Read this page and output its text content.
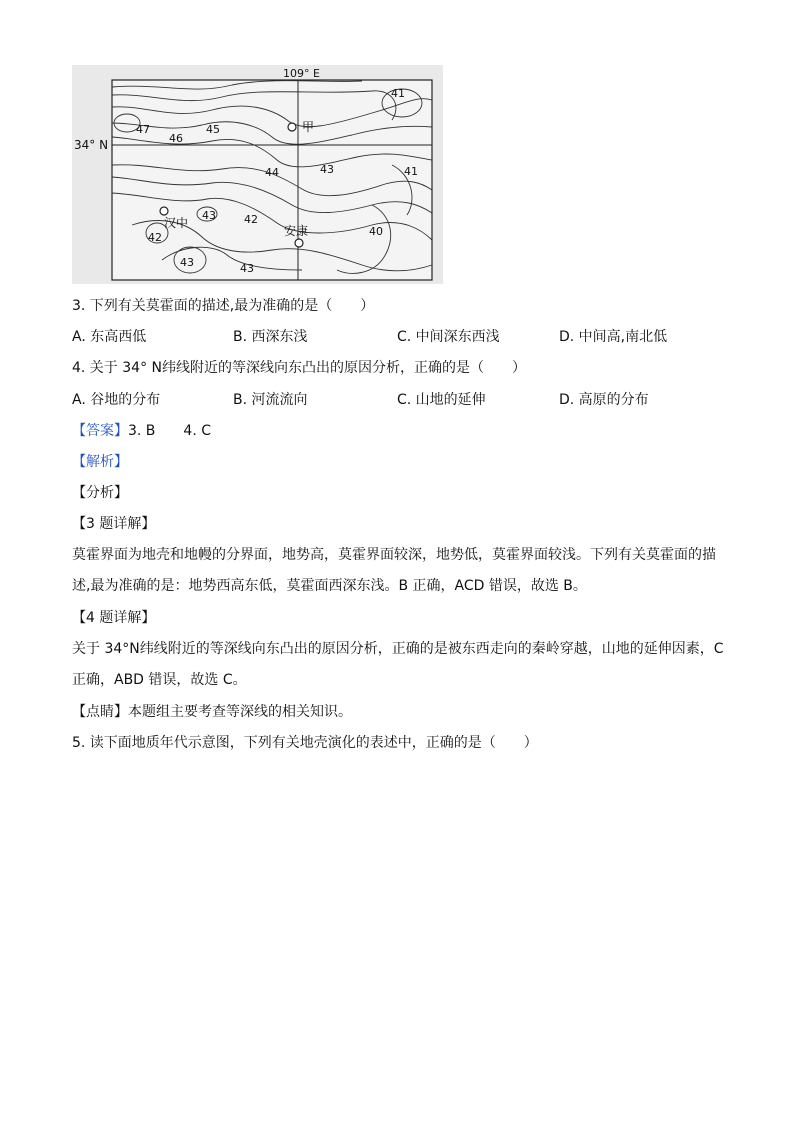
109° E
34° N
甲
汉中
安康
41
47
46
45
43
44	41
43	42
40
42
43	43
3. 下列有关莫霍面的描述,最为准确的是（　　）
A. 东高西低	B. 西深东浅	C. 中间深东西浅	D. 中间高,南北低
4. 关于 34° N纬线附近的等深线向东凸出的原因分析，正确的是（　　）
A. 谷地的分布	B. 河流流向	C. 山地的延伸	D. 高原的分布
【答案】3. B　　4. C
【解析】
【分析】
【3 题详解】
莫霍界面为地壳和地幔的分界面，地势高，莫霍界面较深，地势低，莫霍界面较浅。下列有关莫霍面的描述,最为准确的是：地势西高东低，莫霍面西深东浅。B 正确，ACD 错误，故选 B。
【4 题详解】
关于 34°N纬线附近的等深线向东凸出的原因分析，正确的是被东西走向的秦岭穿越，山地的延伸因素，C 正确，ABD 错误，故选 C。
【点睛】本题组主要考查等深线的相关知识。
5. 读下面地质年代示意图，下列有关地壳演化的表述中，正确的是（　　）
